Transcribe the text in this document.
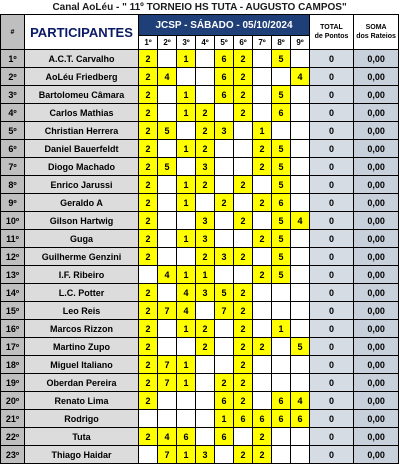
Canal AoLéu - " 11º TORNEIO HS TUTA - AUGUSTO CAMPOS"												
#	PARTICIPANTES	JCSP - SÁBADO - 05/10/2024									TOTAL
de Pontos	SOMA
dos Rateios
		1º	2º	3º	4º	5º	6º	7º	8º	9º		
1º	A.C.T. Carvalho	2		1		6	2		5		0	0,00
2º	AoLéu Friedberg	2	4			6	2			4	0	0,00
3º	Bartolomeu Câmara	2		1		6	2		5		0	0,00
4º	Carlos Mathias	2		1	2		2		6		0	0,00
5º	Christian Herrera	2	5		2	3		1			0	0,00
6º	Daniel Bauerfeldt	2		1	2			2	5		0	0,00
7º	Diogo Machado	2	5		3			2	5		0	0,00
8º	Enrico Jarussi	2		1	2		2		5		0	0,00
9º	Geraldo A	2		1		2		2	6		0	0,00
10º	Gilson Hartwig	2			3		2		5	4	0	0,00
11º	Guga	2		1	3			2	5		0	0,00
12º	Guilherme Genzini	2			2	3	2		5		0	0,00
13º	I.F. Ribeiro		4	1	1			2	5		0	0,00
14º	L.C. Potter	2		4	3	5	2				0	0,00
15º	Leo Reis	2	7	4		7	2				0	0,00
16º	Marcos Rizzon	2		1	2		2		1		0	0,00
17º	Martino Zupo	2			2		2	2		5	0	0,00
18º	Miguel Italiano	2	7	1			2				0	0,00
19º	Oberdan Pereira	2	7	1		2	2				0	0,00
20º	Renato Lima	2				6	2		6	4	0	0,00
21º	Rodrigo					1	6	6	6	6	0	0,00
22º	Tuta	2	4	6		6		2			0	0,00
23º	Thiago Haidar		7	1	3		2	2			0	0,00
